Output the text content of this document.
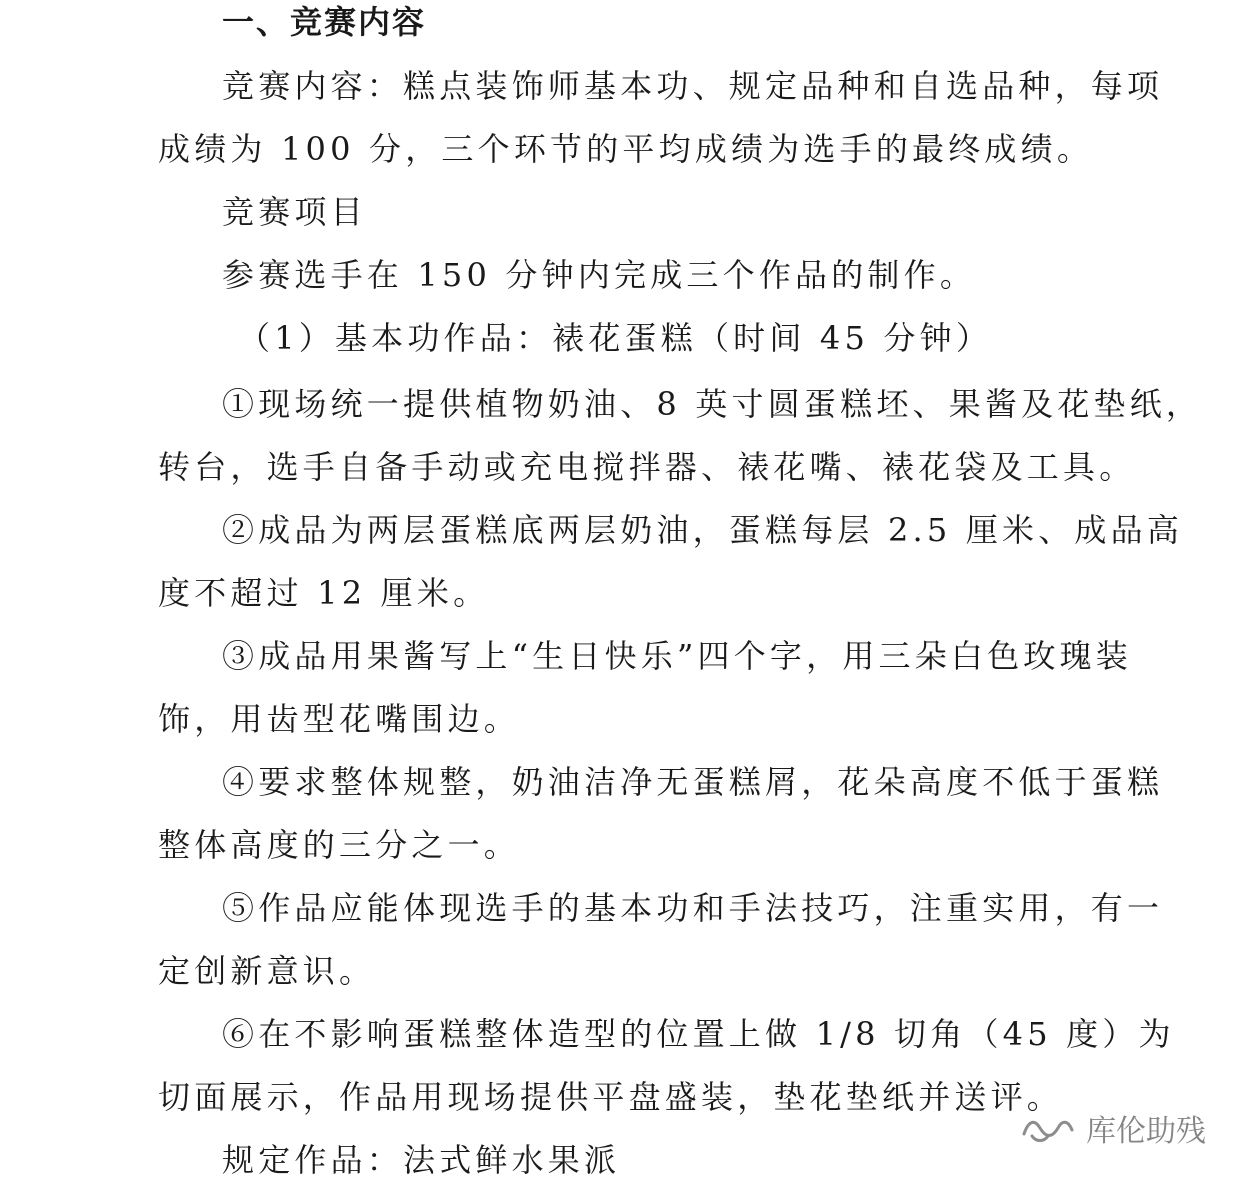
一、竞赛内容
竞赛内容：糕点装饰师基本功、规定品种和自选品种，每项
成绩为 100 分，三个环节的平均成绩为选手的最终成绩。
竞赛项目
参赛选手在 150 分钟内完成三个作品的制作。
（1）基本功作品：裱花蛋糕（时间 45 分钟）
①现场统一提供植物奶油、8 英寸圆蛋糕坯、果酱及花垫纸，
转台，选手自备手动或充电搅拌器、裱花嘴、裱花袋及工具。
②成品为两层蛋糕底两层奶油，蛋糕每层 2.5 厘米、成品高
度不超过 12 厘米。
③成品用果酱写上“生日快乐”四个字，用三朵白色玫瑰装
饰，用齿型花嘴围边。
④要求整体规整，奶油洁净无蛋糕屑，花朵高度不低于蛋糕
整体高度的三分之一。
⑤作品应能体现选手的基本功和手法技巧，注重实用，有一
定创新意识。
⑥在不影响蛋糕整体造型的位置上做 1/8 切角（45 度）为
切面展示，作品用现场提供平盘盛装，垫花垫纸并送评。
规定作品：法式鲜水果派
库伦助残
